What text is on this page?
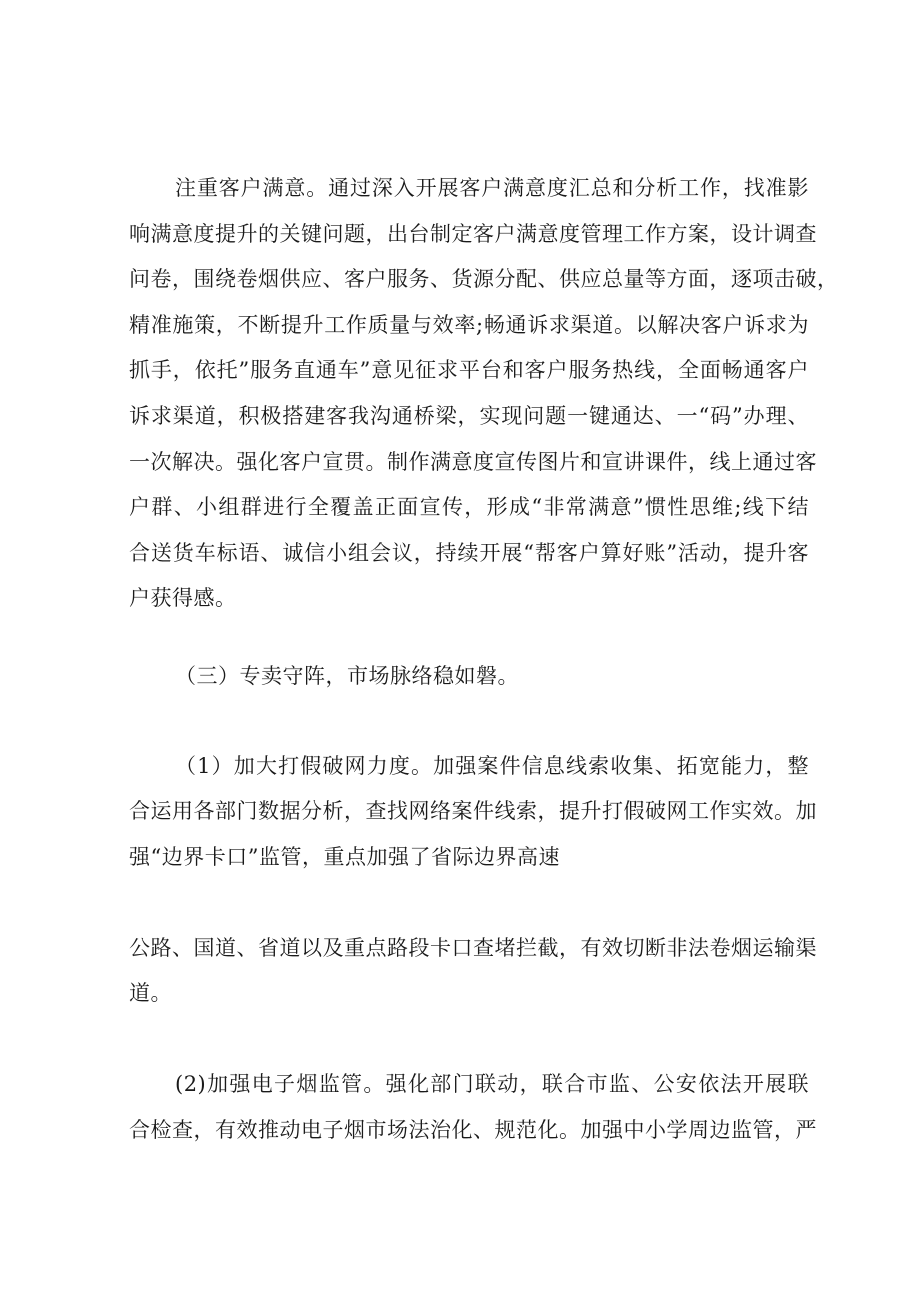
注重客户满意。通过深入开展客户满意度汇总和分析工作，找准影
响满意度提升的关键问题，出台制定客户满意度管理工作方案，设计调查
问卷，围绕卷烟供应、客户服务、货源分配、供应总量等方面，逐项击破，
精准施策，不断提升工作质量与效率;畅通诉求渠道。以解决客户诉求为
抓手，依托”服务直通车”意见征求平台和客户服务热线，全面畅通客户
诉求渠道，积极搭建客我沟通桥梁，实现问题一键通达、一“码”办理、
一次解决。强化客户宣贯。制作满意度宣传图片和宣讲课件，线上通过客
户群、小组群进行全覆盖正面宣传，形成“非常满意”惯性思维;线下结
合送货车标语、诚信小组会议，持续开展“帮客户算好账”活动，提升客
户获得感。
（三）专卖守阵，市场脉络稳如磐。
（1）加大打假破网力度。加强案件信息线索收集、拓宽能力，整
合运用各部门数据分析，查找网络案件线索，提升打假破网工作实效。加
强“边界卡口”监管，重点加强了省际边界高速
公路、国道、省道以及重点路段卡口查堵拦截，有效切断非法卷烟运输渠
道。
(2)加强电子烟监管。强化部门联动，联合市监、公安依法开展联
合检查，有效推动电子烟市场法治化、规范化。加强中小学周边监管，严
